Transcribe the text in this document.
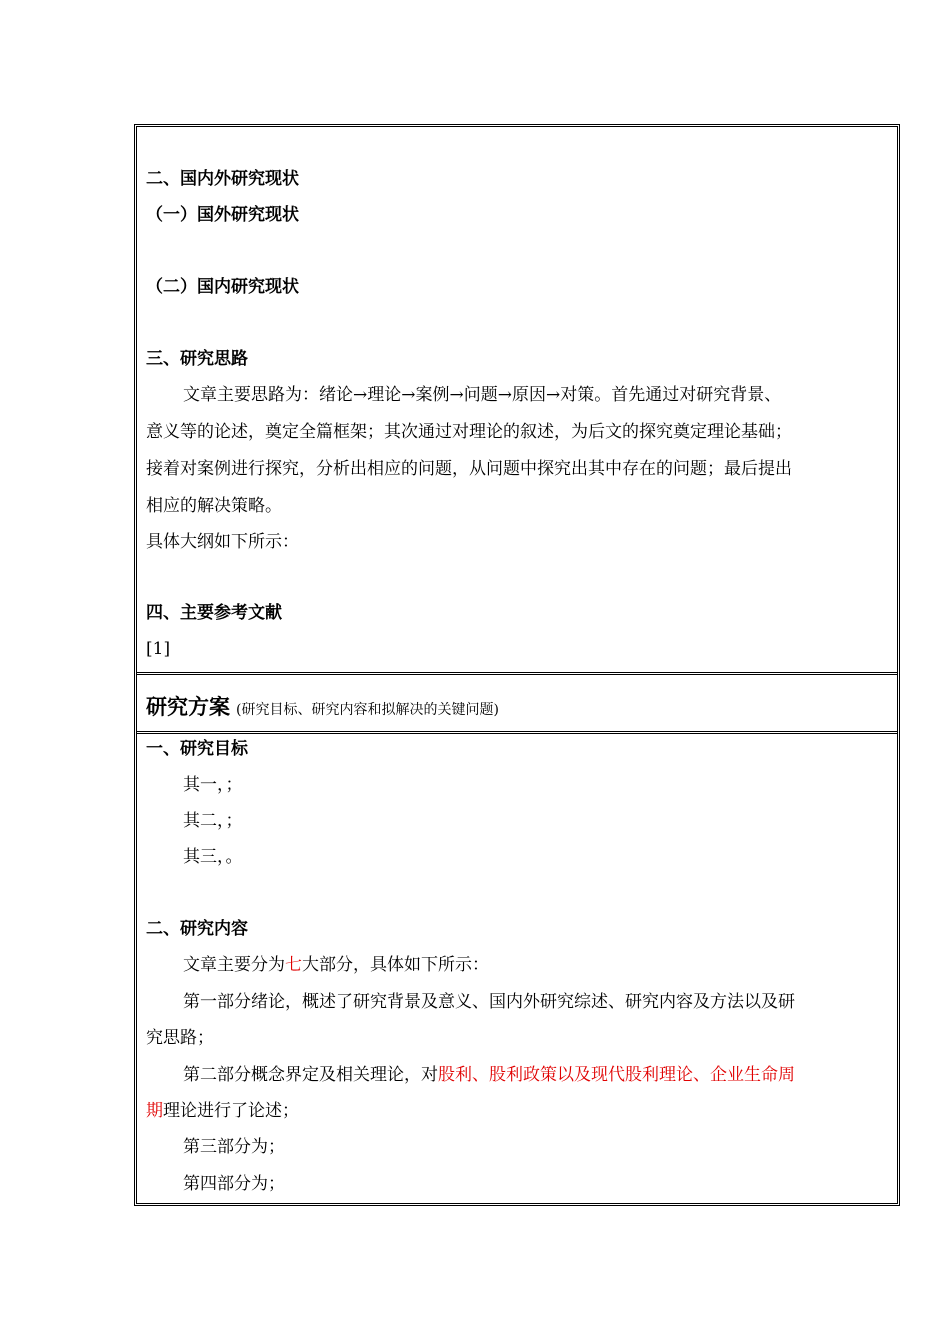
二、国内外研究现状
（一）国外研究现状
（二）国内研究现状
三、研究思路
文章主要思路为：绪论→理论→案例→问题→原因→对策。首先通过对研究背景、
意义等的论述，奠定全篇框架；其次通过对理论的叙述，为后文的探究奠定理论基础；
接着对案例进行探究，分析出相应的问题，从问题中探究出其中存在的问题；最后提出
相应的解决策略。
具体大纲如下所示：
四、主要参考文献
[1]
研究方案 (研究目标、研究内容和拟解决的关键问题)
一、研究目标
其一，；
其二，；
其三，。
二、研究内容
文章主要分为七大部分，具体如下所示：
第一部分绪论，概述了研究背景及意义、国内外研究综述、研究内容及方法以及研
究思路；
第二部分概念界定及相关理论，对股利、股利政策以及现代股利理论、企业生命周
期理论进行了论述；
第三部分为；
第四部分为；
